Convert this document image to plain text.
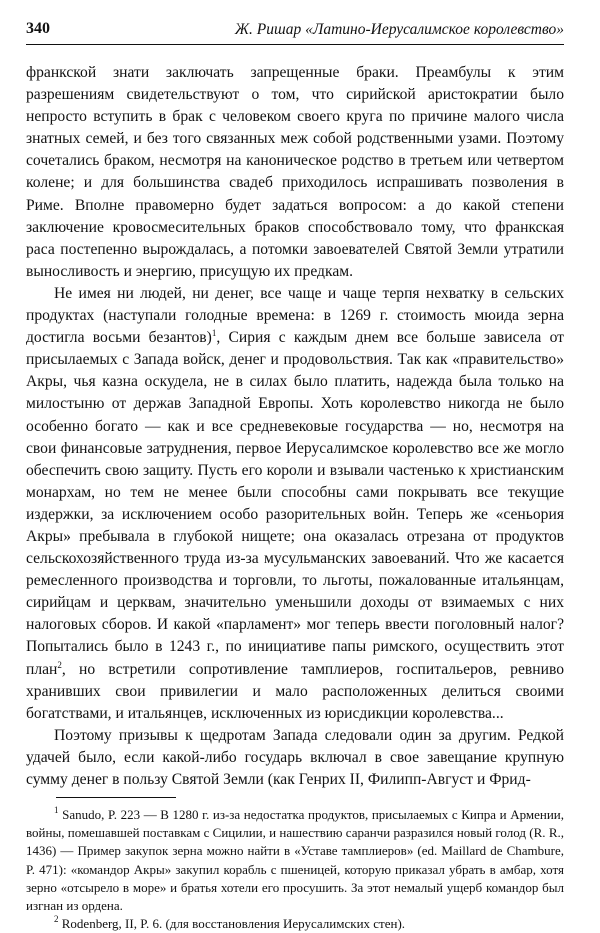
340	Ж. Ришар «Латино-Иерусалимское королевство»

франкской знати заключать запрещенные браки. Преамбулы к этим разрешениям свидетельствуют о том, что сирийской аристократии было непросто вступить в брак с человеком своего круга по причине малого числа знатных семей, и без того связанных меж собой родственными узами. Поэтому сочетались браком, несмотря на каноническое родство в третьем или четвертом колене; и для большинства свадеб приходилось испрашивать позволения в Риме. Вполне правомерно будет задаться вопросом: а до какой степени заключение кровосмесительных браков способствовало тому, что франкская раса постепенно вырождалась, а потомки завоевателей Святой Земли утратили выносливость и энергию, присущую их предкам.

Не имея ни людей, ни денег, все чаще и чаще терпя нехватку в сельских продуктах (наступали голодные времена: в 1269 г. стоимость мюида зерна достигла восьми безантов)$^1$, Сирия с каждым днем все больше зависела от присылаемых с Запада войск, денег и продовольствия. Так как «правительство» Акры, чья казна оскудела, не в силах было платить, надежда была только на милостыню от держав Западной Европы. Хоть королевство никогда не было особенно богато — как и все средневековые государства — но, несмотря на свои финансовые затруднения, первое Иерусалимское королевство все же могло обеспечить свою защиту. Пусть его короли и взывали частенько к христианским монархам, но тем не менее были способны сами покрывать все текущие издержки, за исключением особо разорительных войн. Теперь же «сеньория Акры» пребывала в глубокой нищете; она оказалась отрезана от продуктов сельскохозяйственного труда из-за мусульманских завоеваний. Что же касается ремесленного производства и торговли, то льготы, пожалованные итальянцам, сирийцам и церквам, значительно уменьшили доходы от взимаемых с них налоговых сборов. И какой «парламент» мог теперь ввести поголовный налог? Попытались было в 1243 г., по инициативе папы римского, осуществить этот план$^2$, но встретили сопротивление тамплиеров, госпитальеров, ревниво хранивших свои привилегии и мало расположенных делиться своими богатствами, и итальянцев, исключенных из юрисдикции королевства...

Поэтому призывы к щедротам Запада следовали один за другим. Редкой удачей было, если какой-либо государь включал в свое завещание крупную сумму денег в пользу Святой Земли (как Генрих II, Филипп-Август и Фрид-

$^1$ Sanudo, P. 223 — В 1280 г. из-за недостатка продуктов, присылаемых с Кипра и Армении, войны, помешавшей поставкам с Сицилии, и нашествию саранчи разразился новый голод (R. R., 1436) — Пример закупок зерна можно найти в «Уставе тамплиеров» (ed. Maillard de Chambure, P. 471): «командор Акры» закупил корабль с пшеницей, которую приказал убрать в амбар, хотя зерно «отсырело в море» и братья хотели его просушить. За этот немалый ущерб командор был изгнан из ордена.

$^2$ Rodenberg, II, P. 6. (для восстановления Иерусалимских стен).
